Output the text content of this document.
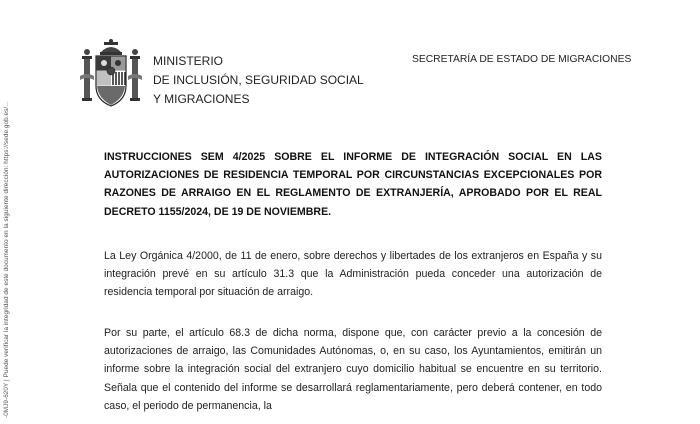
-0MJ9-620Y | Puede verificar la integridad de este documento en la siguiente dirección: https://sede.gob.es/...
MINISTERIO
DE INCLUSIÓN, SEGURIDAD SOCIAL
Y MIGRACIONES
SECRETARÍA DE ESTADO DE MIGRACIONES
INSTRUCCIONES SEM 4/2025 SOBRE EL INFORME DE INTEGRACIÓN SOCIAL EN LAS AUTORIZACIONES DE RESIDENCIA TEMPORAL POR CIRCUNSTANCIAS EXCEPCIONALES POR RAZONES DE ARRAIGO EN EL REGLAMENTO DE EXTRANJERÍA, APROBADO POR EL REAL DECRETO 1155/2024, DE 19 DE NOVIEMBRE.
La Ley Orgánica 4/2000, de 11 de enero, sobre derechos y libertades de los extranjeros en España y su integración prevé en su artículo 31.3 que la Administración pueda conceder una autorización de residencia temporal por situación de arraigo.
Por su parte, el artículo 68.3 de dicha norma, dispone que, con carácter previo a la concesión de autorizaciones de arraigo, las Comunidades Autónomas, o, en su caso, los Ayuntamientos, emitirán un informe sobre la integración social del extranjero cuyo domicilio habitual se encuentre en su territorio. Señala que el contenido del informe se desarrollará reglamentariamente, pero deberá contener, en todo caso, el periodo de permanencia, la
